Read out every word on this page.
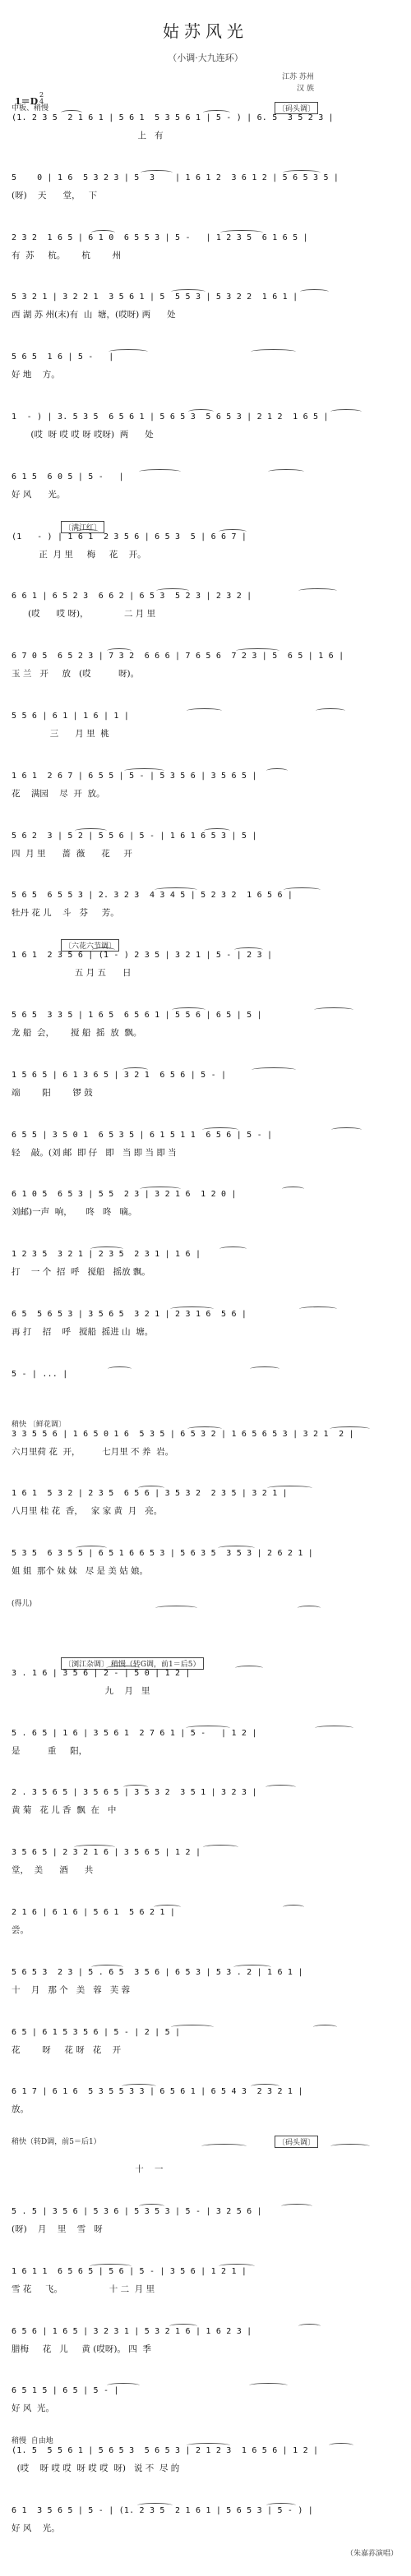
姑苏风光
（小调·大九连环）
江苏 苏州
汉 族
1＝D
2
4
中板、稍慢	〔码头调〕
(1. 2 3 5  2 1 6 1 | 5 6 1  5 3 5 6 1 | 5 - ) | 6. 5  3 5 2 3 |
上   有
5    0 | 1 6  5 3 2 3 | 5  3    | 1 6 1 2  3 6 1 2 | 5 6 5 3 5 |
(呀)    天      堂，   下
2 3 2  1 6 5 | 6 1 0  6 5 5 3 | 5 -   | 1 2 3 5  6 1 6 5 |
有  苏     杭。      杭        州
5 3 2 1 | 3 2 2 1  3 5 6 1 | 5  5 5 3 | 5 3 2 2  1 6 1 |
西 湖 苏 州(末)有  山  塘，(哎呀) 两      处
5 6 5  1 6 | 5 -   |
好 地    方。
1  - ) | 3. 5 3 5  6 5 6 1 | 5 6 5 3  5 6 5 3 | 2 1 2  1 6 5 |
(哎  呀 哎 哎 呀 哎呀)  两      处
6 1 5  6 0 5 | 5 -   |
好 风      光。
〔满江红〕
(1   - ) | 1 6 1  2 3 5 6 | 6 5 3  5 | 6 6 7 |
正  月 里     梅     花    开。
6 6 1 | 6 5 2 3  6 6 2 | 6 5 3  5 2 3 | 2 3 2 |
(哎      哎 呀)，             二 月 里
6 7 0 5  6 5 2 3 | 7 3 2  6 6 6 | 7 6 5 6  7 2 3 | 5  6 5 | 1 6 |
玉 兰   开     放   (哎          呀)。
5 5 6 | 6 1 | 1 6 | 1 |
三      月 里  桃
1 6 1  2 6 7 | 6 5 5 | 5 - | 5 3 5 6 | 3 5 6 5 |
花    满园    尽  开  放。
5 6 2  3 | 5 2 | 5 5 6 | 5 - | 1 6 1 6 5 3 | 5 |
四  月 里      蔷  薇      花     开
5 6 5  6 5 5 3 | 2. 3 2 3  4 3 4 5 | 5 2 3 2  1 6 5 6 |
牡丹 花 儿    斗   芬     芳。
〔六花六节调〕
1 6 1  2 3 5 6 | (1 - ) 2 3 5 | 3 2 1 | 5 - | 2 3 |
五 月 五      日
5 6 5  3 3 5 | 1 6 5  6 5 6 1 | 5 5 6 | 6 5 | 5 |
龙 船  会，      搅 船  摇  放  飘。
1 5 6 5 | 6 1 3 6 5 | 3 2 1  6 5 6 | 5 - |
端        阳        锣 鼓
6 5 5 | 3 5 0 1  6 5 3 5 | 6 1 5 1 1  6 5 6 | 5 - |
轻    敲。(刘 邮  即 仔   即   当 即 当 即 当
6 1 0 5  6 5 3 | 5 5  2 3 | 3 2 1 6  1 2 0 |
刘邮)一声  响，     咚   咚   嘀。
1 2 3 5  3 2 1 | 2 3 5  2 3 1 | 1 6 |
打    一 个  招  呼   搅船   摇放 飘。
6 5  5 6 5 3 | 3 5 6 5  3 2 1 | 2 3 1 6  5 6 |
再 打    招    呼   搅船  摇进 山  塘。
5 - | ... |
稍快 〔鲜花调〕
3 3 5 5 6 | 1 6 5 0 1 6  5 3 5 | 6 5 3 2 | 1 6 5 6 5 3 | 3 2 1  2 |
六月里荷 花  开，        七月里 不 养  岩。
1 6 1  5 3 2 | 2 3 5  6 5 6 | 3 5 3 2  2 3 5 | 3 2 1 |
八月里 桂 花  香，   家 家 黄  月   亮。
5 3 5  6 3 5 5 | 6 5 1 6 6 5 3 | 5 6 3 5  3 5 3 | 2 6 2 1 |
姐 姐  那个 妹 妹   尽 是 美 姑 娘。
(得儿)
〔浏江杂调〕 稍慢（转G调，前1＝后5）
3 . 1 6 | 3 5 6 | 2 - | 5 0 | 1 2 |
九    月   里
5 . 6 5 | 1 6 | 3 5 6 1  2 7 6 1 | 5 -   | 1 2 |
是          重     阳，
2 . 3 5 6 5 | 3 5 6 5 | 3 5 3 2  3 5 1 | 3 2 3 |
黄 菊   花 儿 香  飘  在   中
3 5 6 5 | 2 3 2 1 6 | 3 5 6 5 | 1 2 |
堂，  美      酒      共
2 1 6 | 6 1 6 | 5 6 1  5 6 2 1 |
尝。
5 6 5 3  2 3 | 5 . 6 5  3 5 6 | 6 5 3 | 5 3 . 2 | 1 6 1 |
十    月   那 个   美   蓉   芙 蓉
6 5 | 6 1 5 3 5 6 | 5 - | 2 | 5 |
花        呀     花 呀   花    开
6 1 7 | 6 1 6  5 3 5 5 3 3 | 6 5 6 1 | 6 5 4 3  2 3 2 1 |
放。
稍快（转D调，前5＝后1）	〔码头调〕
十    一
5 . 5 | 3 5 6 | 5 3 6 | 5 3 5 3 | 5 - | 3 2 5 6 |
(呀)    月    里    雪   呀
1 6 1 1  6 5 6 5 | 5 6 | 5 - | 3 5 6 | 1 2 1 |
雪 花     飞。                 十 二  月 里
6 5 6 | 1 6 5 | 3 2 3 1 | 5 3 2 1 6 | 1 6 2 3 |
腊梅     花   儿     黄 (哎呀)。 四  季
6 5 1 5 | 6 5 | 5 - |
好 风  光。
稍慢  自由地
(1. 5  5 5 6 1 | 5 6 5 3  5 6 5 3 | 2 1 2 3  1 6 5 6 | 1 2 |
(哎    呀 哎 哎  呀 哎 哎  呀)   说 不  尽 的
6 1  3 5 6 5 | 5 - | (1. 2 3 5  2 1 6 1 | 5 6 5 3 | 5 - ) |
好 风    光。
（朱嘉荪演唱）
